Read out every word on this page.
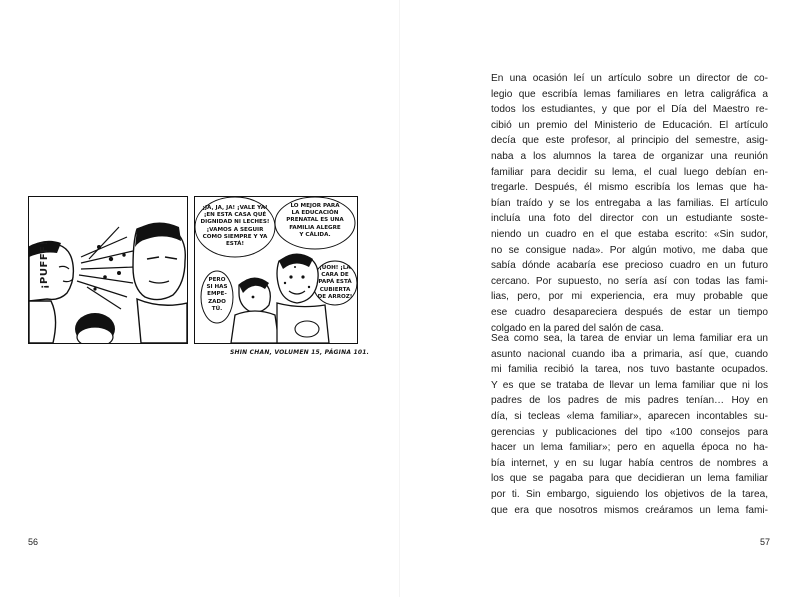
¡PUFFF!
¡JA, JA, JA! ¡VALE YA!
¡EN ESTA CASA QUÉ
DIGNIDAD NI LECHES!
¡VAMOS A SEGUIR
COMO SIEMPRE Y YA
ESTÁ!
LO MEJOR PARA
LA EDUCACIÓN
PRENATAL ES UNA
FAMILIA ALEGRE
Y CÁLIDA.
¡UOH! ¡LA
CARA DE
PAPÁ ESTÁ
CUBIERTA
DE ARROZ!
PERO
SI HAS
EMPE-
ZADO
TÚ.
SHIN CHAN, VOLUMEN 15, PÁGINA 101.
56
En una ocasión leí un artículo sobre un director de co-
legio que escribía lemas familiares en letra caligráfica a
todos los estudiantes, y que por el Día del Maestro re-
cibió un premio del Ministerio de Educación. El artículo
decía que este profesor, al principio del semestre, asig-
naba a los alumnos la tarea de organizar una reunión
familiar para decidir su lema, el cual luego debían en-
tregarle. Después, él mismo escribía los lemas que ha-
bían traído y se los entregaba a las familias. El artículo
incluía una foto del director con un estudiante soste-
niendo un cuadro en el que estaba escrito: «Sin sudor,
no se consigue nada». Por algún motivo, me daba que
sabía dónde acabaría ese precioso cuadro en un futuro
cercano. Por supuesto, no sería así con todas las fami-
lias, pero, por mi experiencia, era muy probable que
ese cuadro desapareciera después de estar un tiempo
colgado en la pared del salón de casa.
Sea como sea, la tarea de enviar un lema familiar era un
asunto nacional cuando iba a primaria, así que, cuando
mi familia recibió la tarea, nos tuvo bastante ocupados.
Y es que se trataba de llevar un lema familiar que ni los
padres de los padres de mis padres tenían… Hoy en
día, si tecleas «lema familiar», aparecen incontables su-
gerencias y publicaciones del tipo «100 consejos para
hacer un lema familiar»; pero en aquella época no ha-
bía internet, y en su lugar había centros de nombres a
los que se pagaba para que decidieran un lema familiar
por ti. Sin embargo, siguiendo los objetivos de la tarea,
que era que nosotros mismos creáramos un lema fami-
57
